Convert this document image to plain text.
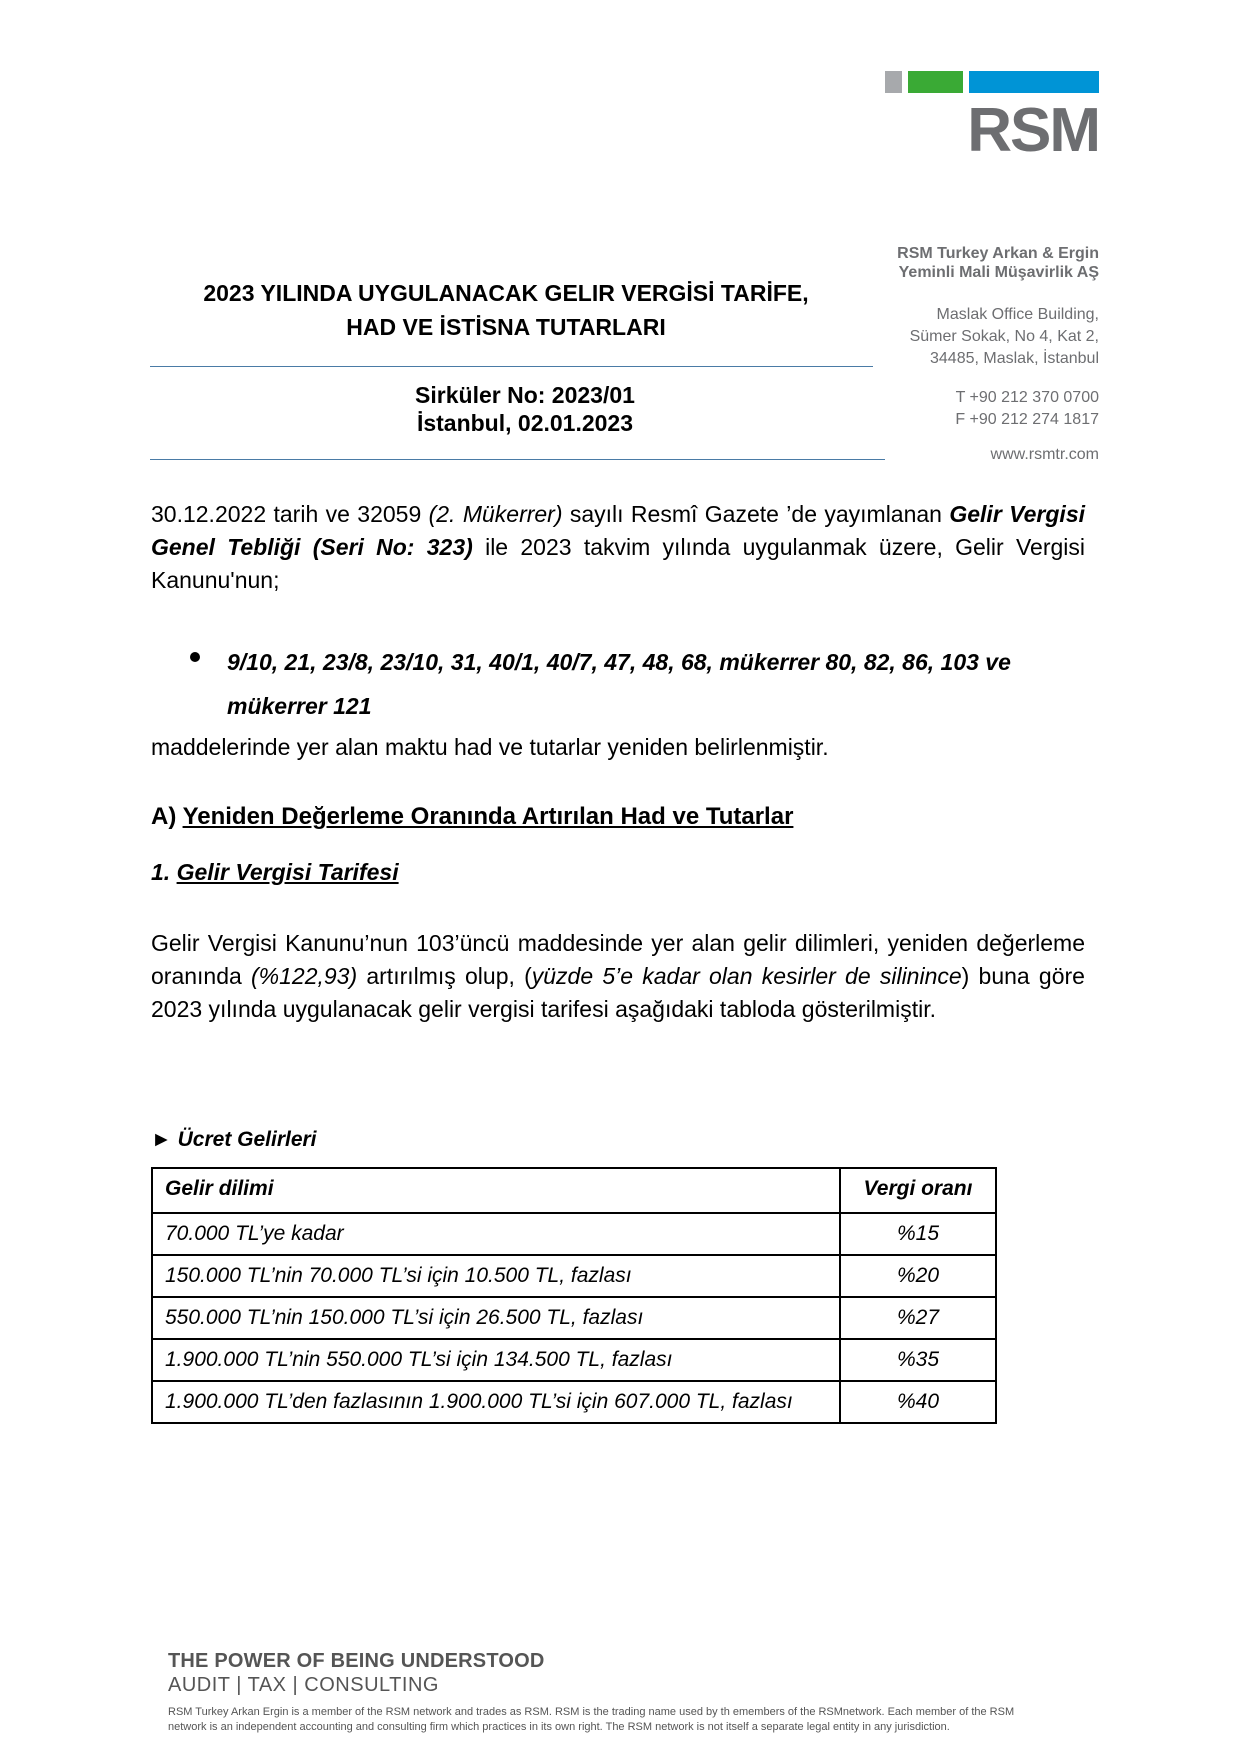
RSM
RSM Turkey Arkan & Ergin
Yeminli Mali Müşavirlik AŞ
Maslak Office Building,
Sümer Sokak, No 4, Kat 2,
34485, Maslak, İstanbul
T +90 212 370 0700
F +90 212 274 1817
www.rsmtr.com
2023 YILINDA UYGULANACAK GELIR VERGİSİ TARİFE,
HAD VE İSTİSNA TUTARLARI
Sirküler No: 2023/01
İstanbul, 02.01.2023
30.12.2022 tarih ve 32059 (2. Mükerrer) sayılı Resmî Gazete ’de yayımlanan Gelir Vergisi Genel Tebliği (Seri No: 323) ile 2023 takvim yılında uygulanmak üzere, Gelir Vergisi Kanunu'nun;
9/10, 21, 23/8, 23/10, 31, 40/1, 40/7, 47, 48, 68, mükerrer 80, 82, 86, 103 ve mükerrer 121
maddelerinde yer alan maktu had ve tutarlar yeniden belirlenmiştir.
A) Yeniden Değerleme Oranında Artırılan Had ve Tutarlar
1. Gelir Vergisi Tarifesi
Gelir Vergisi Kanunu’nun 103’üncü maddesinde yer alan gelir dilimleri, yeniden değerleme oranında (%122,93) artırılmış olup, (yüzde 5’e kadar olan kesirler de silinince) buna göre 2023 yılında uygulanacak gelir vergisi tarifesi aşağıdaki tabloda gösterilmiştir.
► Ücret Gelirleri
Gelir dilimi	Vergi oranı
70.000 TL’ye kadar	%15
150.000 TL’nin 70.000 TL’si için 10.500 TL, fazlası	%20
550.000 TL’nin 150.000 TL’si için 26.500 TL, fazlası	%27
1.900.000 TL’nin 550.000 TL’si için 134.500 TL, fazlası	%35
1.900.000 TL’den fazlasının 1.900.000 TL’si için 607.000 TL, fazlası	%40
THE POWER OF BEING UNDERSTOOD
AUDIT | TAX | CONSULTING
RSM Turkey Arkan Ergin is a member of the RSM network and trades as RSM. RSM is the trading name used by th emembers of the RSMnetwork. Each member of the RSM network is an independent accounting and consulting firm which practices in its own right. The RSM network is not itself a separate legal entity in any jurisdiction.
